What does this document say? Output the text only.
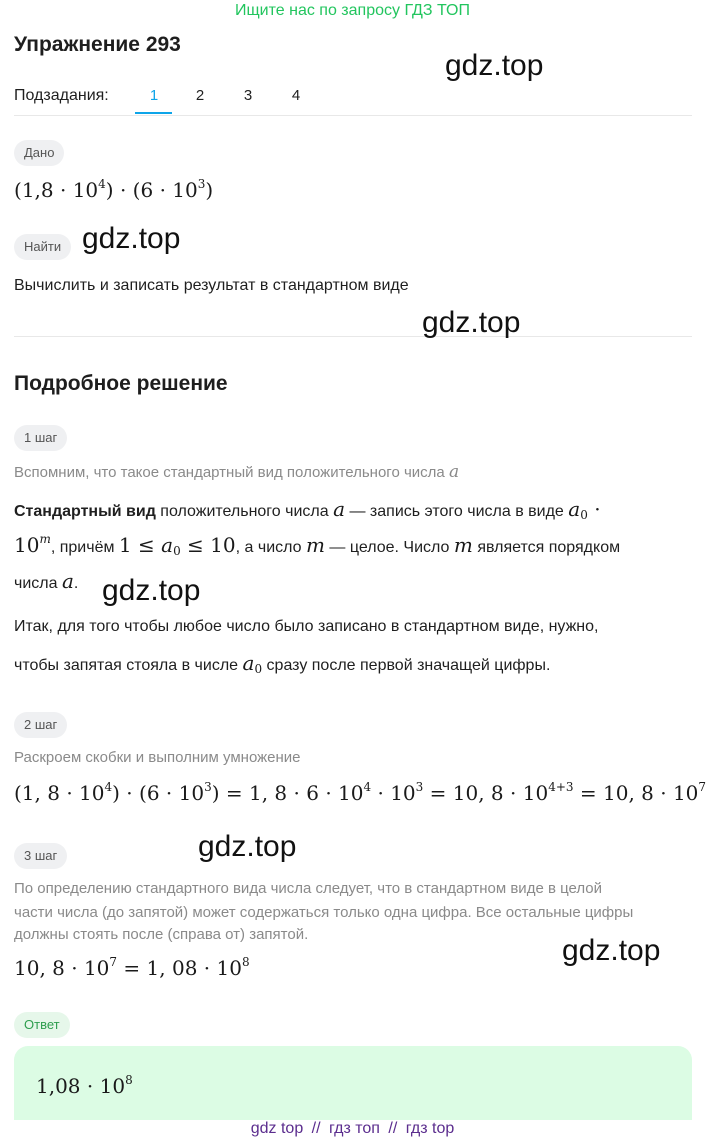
Ищите нас по запросу ГДЗ ТОП
Упражнение 293
Подзадания:	1	2	3	4
Дано
$(1,8 \cdot 10^4) \cdot (6 \cdot 10^3)$
Найти
Вычислить и записать результат в стандартном виде
Подробное решение
1 шаг
Вспомним, что такое стандартный вид положительного числа a
Стандартный вид положительного числа a — запись этого числа в виде $a_0$ ·
$10^m$, причём $1 \le a_0 \le 10$, а число m — целое. Число m является порядком
числа a.
Итак, для того чтобы любое число было записано в стандартном виде, нужно,
чтобы запятая стояла в числе $a_0$ сразу после первой значащей цифры.
2 шаг
Раскроем скобки и выполним умножение
(1, $8 \cdot 10^4) \cdot (6 \cdot 10^3) = 1$, $8 \cdot 6 \cdot 10^4 \cdot 10^3 = 10$, $8 \cdot 10^{4+3} = 10$, $8 \cdot 10^7$
3 шаг
По определению стандартного вида числа следует, что в стандартном виде в целой
части числа (до запятой) может содержаться только одна цифра. Все остальные цифры
должны стоять после (справа от) запятой.
10, $8 \cdot 10^7 = 1$, $08 \cdot 10^8$
Ответ
$1,08 \cdot 10^8$
gdz.top
gdz.top
gdz.top
gdz.top
gdz.top
gdz.top
gdz top // гдз топ // гдз top
